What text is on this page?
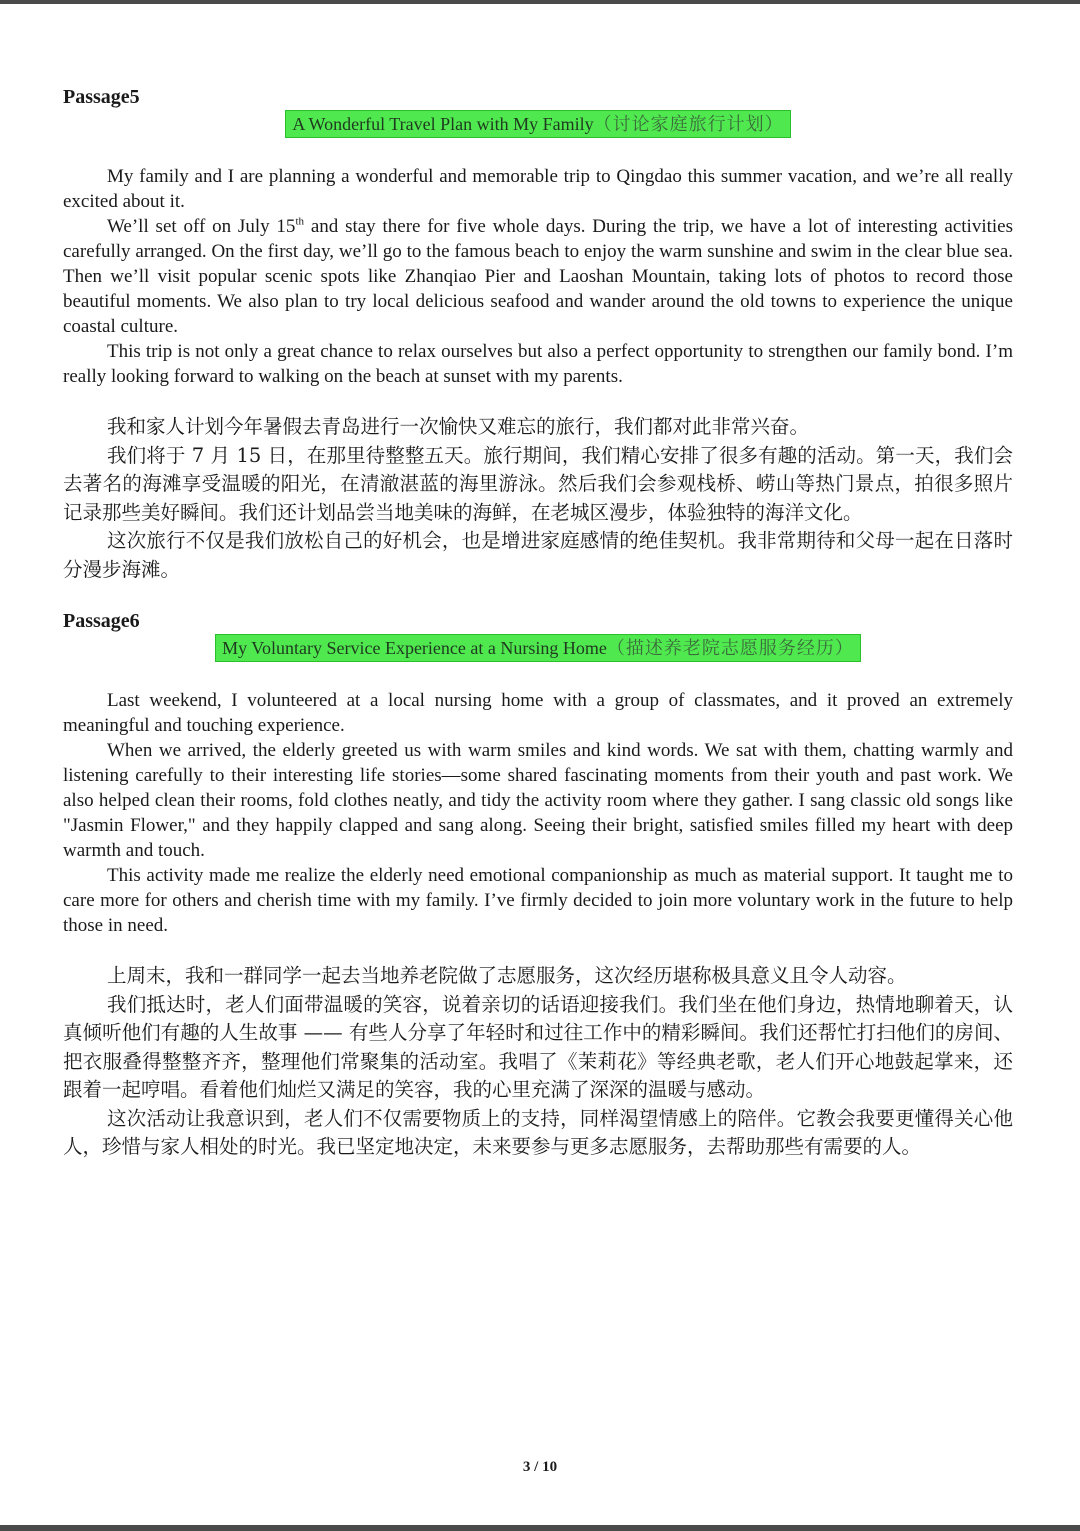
Passage5

A Wonderful Travel Plan with My Family（讨论家庭旅行计划）

My family and I are planning a wonderful and memorable trip to Qingdao this summer vacation, and we’re all really excited about it.

We’ll set off on July 15th and stay there for five whole days. During the trip, we have a lot of interesting activities carefully arranged. On the first day, we’ll go to the famous beach to enjoy the warm sunshine and swim in the clear blue sea. Then we’ll visit popular scenic spots like Zhanqiao Pier and Laoshan Mountain, taking lots of photos to record those beautiful moments. We also plan to try local delicious seafood and wander around the old towns to experience the unique coastal culture.

This trip is not only a great chance to relax ourselves but also a perfect opportunity to strengthen our family bond. I’m really looking forward to walking on the beach at sunset with my parents.

我和家人计划今年暑假去青岛进行一次愉快又难忘的旅行，我们都对此非常兴奋。

我们将于 7 月 15 日，在那里待整整五天。旅行期间，我们精心安排了很多有趣的活动。第一天，我们会去著名的海滩享受温暖的阳光，在清澈湛蓝的海里游泳。然后我们会参观栈桥、崂山等热门景点，拍很多照片记录那些美好瞬间。我们还计划品尝当地美味的海鲜，在老城区漫步，体验独特的海洋文化。

这次旅行不仅是我们放松自己的好机会，也是增进家庭感情的绝佳契机。我非常期待和父母一起在日落时分漫步海滩。

Passage6

My Voluntary Service Experience at a Nursing Home（描述养老院志愿服务经历）

Last weekend, I volunteered at a local nursing home with a group of classmates, and it proved an extremely meaningful and touching experience.

When we arrived, the elderly greeted us with warm smiles and kind words. We sat with them, chatting warmly and listening carefully to their interesting life stories—some shared fascinating moments from their youth and past work. We also helped clean their rooms, fold clothes neatly, and tidy the activity room where they gather. I sang classic old songs like "Jasmin Flower," and they happily clapped and sang along. Seeing their bright, satisfied smiles filled my heart with deep warmth and touch.

This activity made me realize the elderly need emotional companionship as much as material support. It taught me to care more for others and cherish time with my family. I’ve firmly decided to join more voluntary work in the future to help those in need.

上周末，我和一群同学一起去当地养老院做了志愿服务，这次经历堪称极具意义且令人动容。

我们抵达时，老人们面带温暖的笑容，说着亲切的话语迎接我们。我们坐在他们身边，热情地聊着天，认真倾听他们有趣的人生故事 —— 有些人分享了年轻时和过往工作中的精彩瞬间。我们还帮忙打扫他们的房间、把衣服叠得整整齐齐，整理他们常聚集的活动室。我唱了《茉莉花》等经典老歌，老人们开心地鼓起掌来，还跟着一起哼唱。看着他们灿烂又满足的笑容，我的心里充满了深深的温暖与感动。

这次活动让我意识到，老人们不仅需要物质上的支持，同样渴望情感上的陪伴。它教会我要更懂得关心他人，珍惜与家人相处的时光。我已坚定地决定，未来要参与更多志愿服务，去帮助那些有需要的人。

3 / 10
